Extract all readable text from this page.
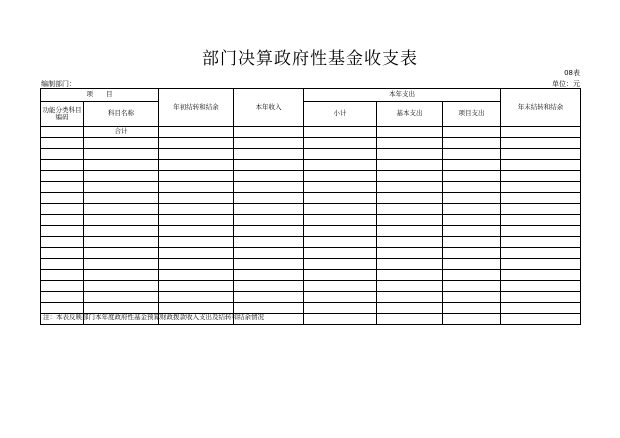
部门决算政府性基金收支表
08表
编制部门：	单位：元
项　　目		年初结转和结余	本年收入	本年支出			年末结转和结余
功能分类科目编码	科目名称			小计	基本支出	项目支出	
	合计						

注：本表反映部门本年度政府性基金预算财政拨款收入支出及结转和结余情况
